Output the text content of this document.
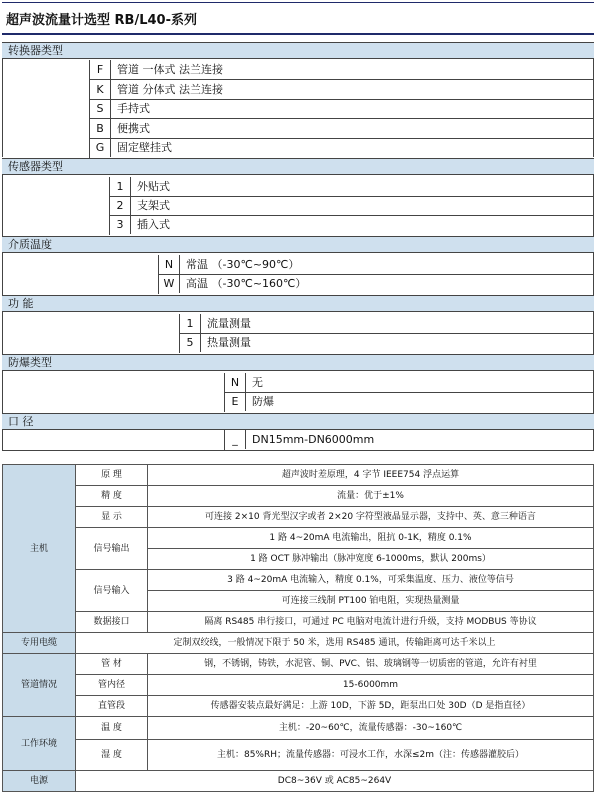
超声波流量计选型 RB/L40-系列
转换器类型
F	管道 一体式 法兰连接
K	管道 分体式 法兰连接
S	手持式
B	便携式
G	固定壁挂式
传感器类型
1	外贴式
2	支架式
3	插入式
介质温度
N	常温 （-30℃~90℃）
W	高温 （-30℃~160℃）
功 能
1	流量测量
5	热量测量
防爆类型
N	无
E	防爆
口 径
_	DN15mm-DN6000mm
主机	原 理	超声波时差原理，4 字节 IEEE754 浮点运算
	精 度	流量：优于±1%
	显 示	可连接 2×10 背光型汉字或者 2×20 字符型液晶显示器，支持中、英、意三种语言
	信号输出	1 路 4~20mA 电流输出，阻抗 0-1K，精度 0.1%
		1 路 OCT 脉冲输出（脉冲宽度 6-1000ms，默认 200ms）
	信号输入	3 路 4~20mA 电流输入，精度 0.1%，可采集温度、压力、液位等信号
		可连接三线制 PT100 铂电阻，实现热量测量
	数据接口	隔离 RS485 串行接口，可通过 PC 电脑对电流计进行升级，支持 MODBUS 等协议
专用电缆	定制双绞线，一般情况下限于 50 米，选用 RS485 通讯，传输距离可达千米以上	
管道情况	管 材	钢，不锈钢，铸铁，水泥管、铜、PVC、铝、玻璃钢等一切质密的管道，允许有衬里
	管内径	15-6000mm
	直管段	传感器安装点最好满足：上游 10D，下游 5D，距泵出口处 30D（D 是指直径）
工作环境	温 度	主机：-20~60℃，流量传感器：-30~160℃
	湿 度	主机：85%RH；流量传感器：可浸水工作，水深≤2m（注：传感器灌胶后）
电源	DC8~36V 或 AC85~264V	
